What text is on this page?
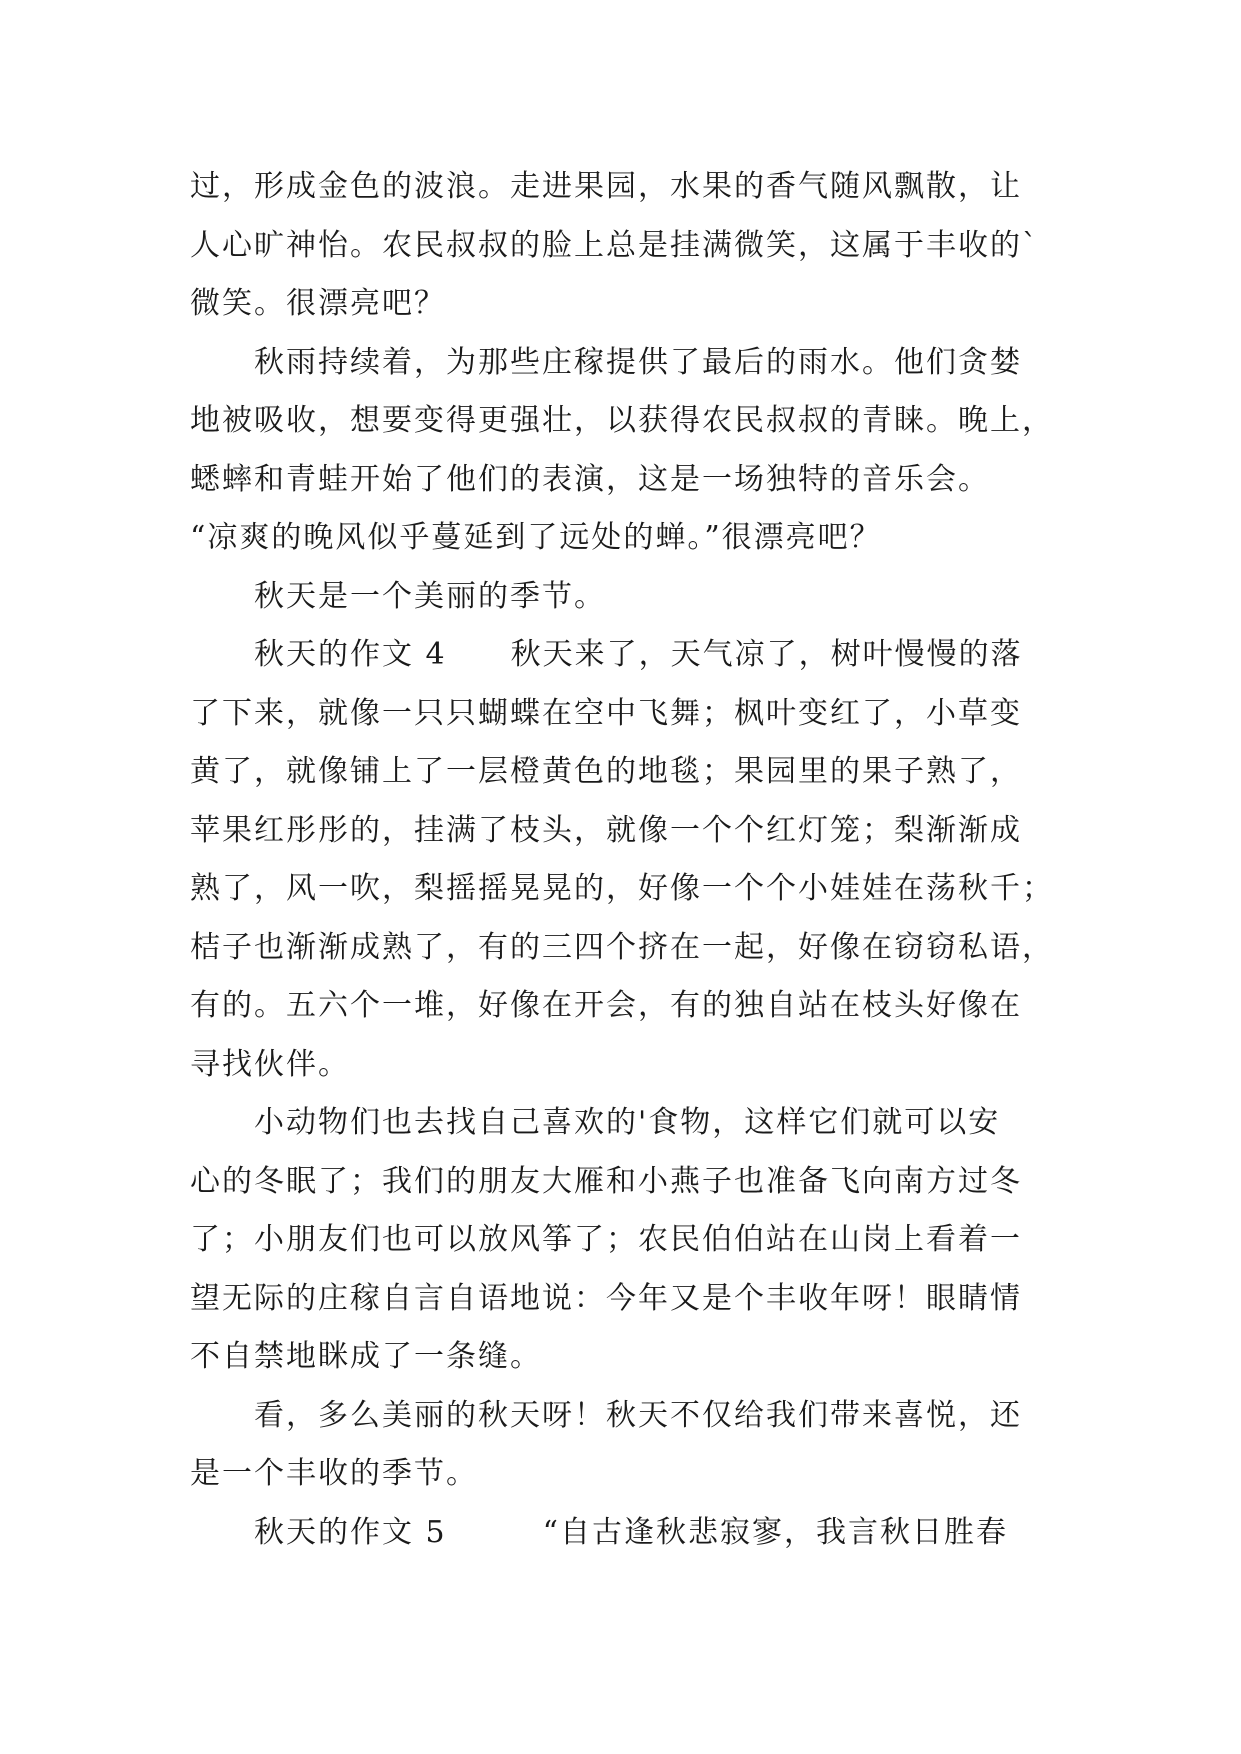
过，形成金色的波浪。走进果园，水果的香气随风飘散，让
人心旷神怡。农民叔叔的脸上总是挂满微笑，这属于丰收的`
微笑。很漂亮吧？

秋雨持续着，为那些庄稼提供了最后的雨水。他们贪婪
地被吸收，想要变得更强壮，以获得农民叔叔的青睐。晚上，
蟋蟀和青蛙开始了他们的表演，这是一场独特的音乐会。
“凉爽的晚风似乎蔓延到了远处的蝉。”很漂亮吧？

秋天是一个美丽的季节。

秋天的作文 4　　秋天来了，天气凉了，树叶慢慢的落
了下来，就像一只只蝴蝶在空中飞舞；枫叶变红了，小草变
黄了，就像铺上了一层橙黄色的地毯；果园里的果子熟了，
苹果红彤彤的，挂满了枝头，就像一个个红灯笼；梨渐渐成
熟了，风一吹，梨摇摇晃晃的，好像一个个小娃娃在荡秋千；
桔子也渐渐成熟了，有的三四个挤在一起，好像在窃窃私语，
有的。五六个一堆，好像在开会，有的独自站在枝头好像在
寻找伙伴。

小动物们也去找自己喜欢的'食物，这样它们就可以安
心的冬眠了；我们的朋友大雁和小燕子也准备飞向南方过冬
了；小朋友们也可以放风筝了；农民伯伯站在山岗上看着一
望无际的庄稼自言自语地说：今年又是个丰收年呀！眼睛情
不自禁地眯成了一条缝。

看，多么美丽的秋天呀！秋天不仅给我们带来喜悦，还
是一个丰收的季节。

秋天的作文 5　　　“自古逢秋悲寂寥，我言秋日胜春
